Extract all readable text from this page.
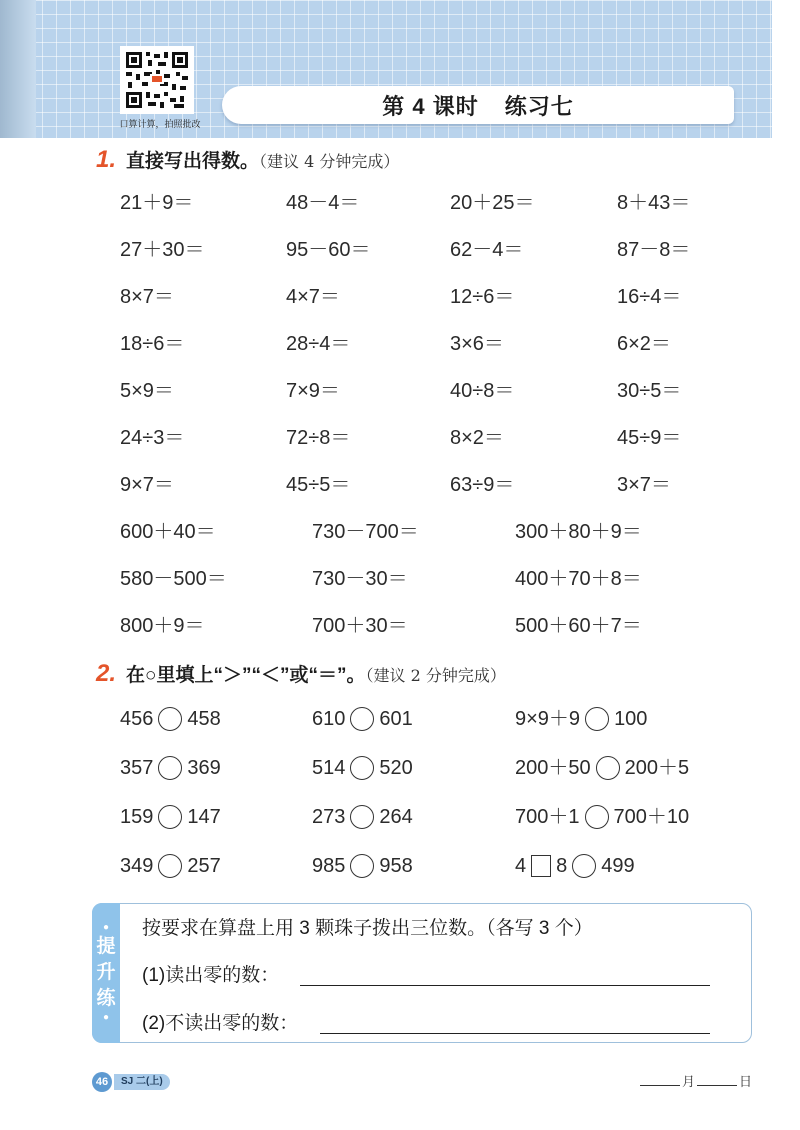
口算计算，拍照批改
第 4 课时 练习七
1. 直接写出得数。（建议 4 分钟完成）
21＋9＝	48－4＝	20＋25＝	8＋43＝
27＋30＝	95－60＝	62－4＝	87－8＝
8×7＝	4×7＝	12÷6＝	16÷4＝
18÷6＝	28÷4＝	3×6＝	6×2＝
5×9＝	7×9＝	40÷8＝	30÷5＝
24÷3＝	72÷8＝	8×2＝	45÷9＝
9×7＝	45÷5＝	63÷9＝	3×7＝
600＋40＝	730－700＝	300＋80＋9＝
580－500＝	730－30＝	400＋70＋8＝
800＋9＝	700＋30＝	500＋60＋7＝
2. 在○里填上“＞”“＜”或“＝”。（建议 2 分钟完成）
456 458	610 601	9×9＋9 100
357 369	514 520	200＋50 200＋5
159 147	273 264	700＋1 700＋10
349 257	985 958	4 8 499
●
提
升
练
●
按要求在算盘上用 3 颗珠子拨出三位数。（各写 3 个）
(1)读出零的数：
(2)不读出零的数：
46	SJ 二(上)	月	日
